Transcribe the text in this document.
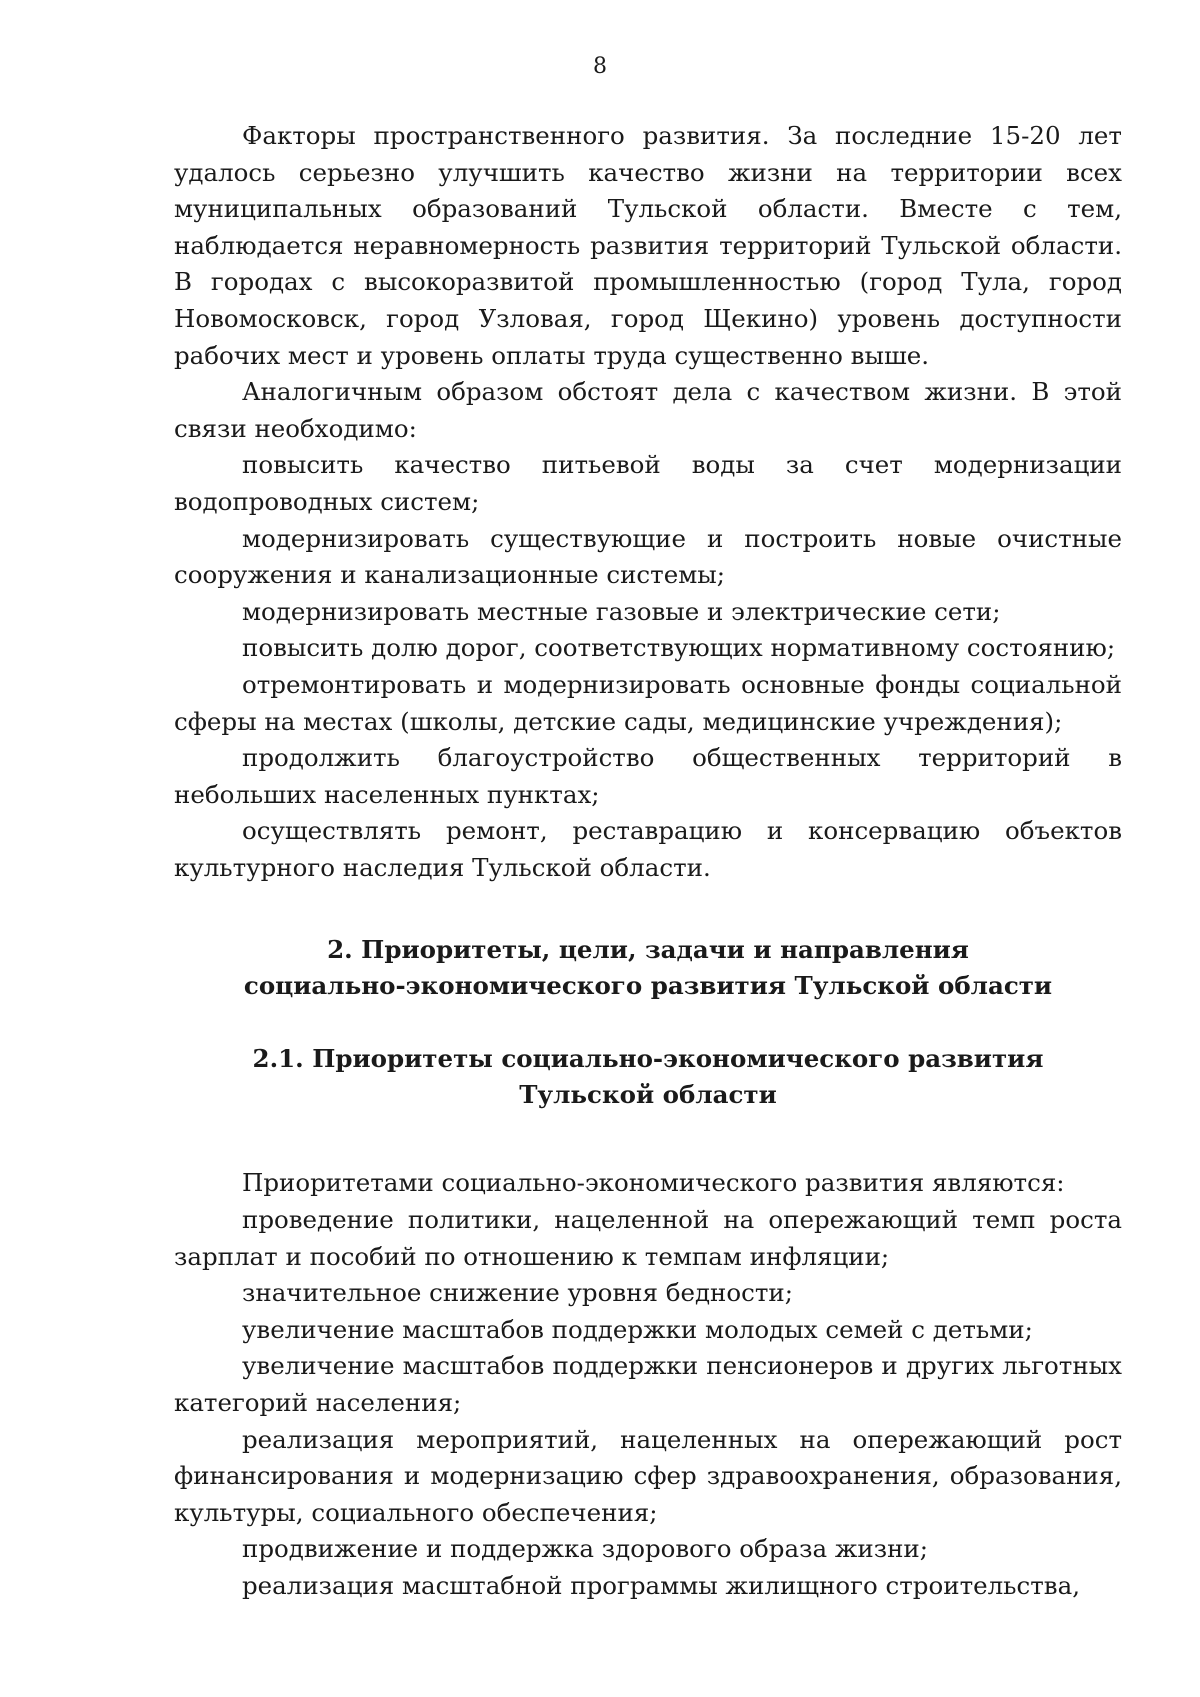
8

Факторы пространственного развития. За последние 15-20 лет удалось серьезно улучшить качество жизни на территории всех муниципальных образований Тульской области. Вместе с тем, наблюдается неравномерность развития территорий Тульской области. В городах с высокоразвитой промышленностью (город Тула, город Новомосковск, город Узловая, город Щекино) уровень доступности рабочих мест и уровень оплаты труда существенно выше.

Аналогичным образом обстоят дела с качеством жизни. В этой связи необходимо:

повысить качество питьевой воды за счет модернизации водопроводных систем;

модернизировать существующие и построить новые очистные сооружения и канализационные системы;

модернизировать местные газовые и электрические сети;

повысить долю дорог, соответствующих нормативному состоянию;

отремонтировать и модернизировать основные фонды социальной сферы на местах (школы, детские сады, медицинские учреждения);

продолжить благоустройство общественных территорий в небольших населенных пунктах;

осуществлять ремонт, реставрацию и консервацию объектов культурного наследия Тульской области.

2. Приоритеты, цели, задачи и направления
социально-экономического развития Тульской области
2.1. Приоритеты социально-экономического развития
Тульской области

Приоритетами социально-экономического развития являются:

проведение политики, нацеленной на опережающий темп роста зарплат и пособий по отношению к темпам инфляции;

значительное снижение уровня бедности;

увеличение масштабов поддержки молодых семей с детьми;

увеличение масштабов поддержки пенсионеров и других льготных категорий населения;

реализация мероприятий, нацеленных на опережающий рост финансирования и модернизацию сфер здравоохранения, образования, культуры, социального обеспечения;

продвижение и поддержка здорового образа жизни;

реализация масштабной программы жилищного строительства,
